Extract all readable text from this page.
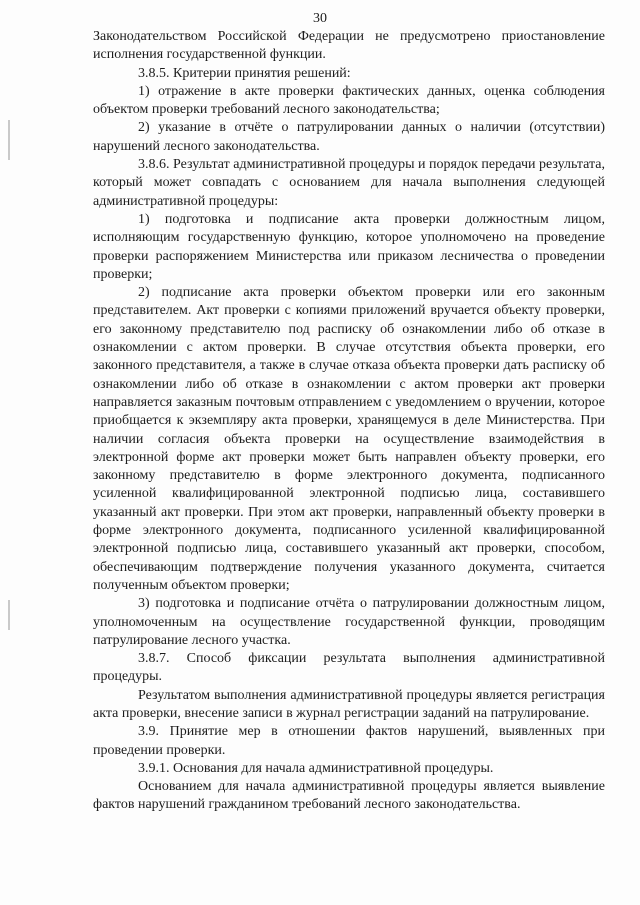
30

Законодательством Российской Федерации не предусмотрено приостановление исполнения государственной функции.

3.8.5. Критерии принятия решений:

1) отражение в акте проверки фактических данных, оценка соблюдения объектом проверки требований лесного законодательства;

2) указание в отчёте о патрулировании данных о наличии (отсутствии) нарушений лесного законодательства.

3.8.6. Результат административной процедуры и порядок передачи результата, который может совпадать с основанием для начала выполнения следующей административной процедуры:

1) подготовка и подписание акта проверки должностным лицом, исполняющим государственную функцию, которое уполномочено на проведение проверки распоряжением Министерства или приказом лесничества о проведении проверки;

2) подписание акта проверки объектом проверки или его законным представителем. Акт проверки с копиями приложений вручается объекту проверки, его законному представителю под расписку об ознакомлении либо об отказе в ознакомлении с актом проверки. В случае отсутствия объекта проверки, его законного представителя, а также в случае отказа объекта проверки дать расписку об ознакомлении либо об отказе в ознакомлении с актом проверки акт проверки направляется заказным почтовым отправлением с уведомлением о вручении, которое приобщается к экземпляру акта проверки, хранящемуся в деле Министерства. При наличии согласия объекта проверки на осуществление взаимодействия в электронной форме акт проверки может быть направлен объекту проверки, его законному представителю в форме электронного документа, подписанного усиленной квалифицированной электронной подписью лица, составившего указанный акт проверки. При этом акт проверки, направленный объекту проверки в форме электронного документа, подписанного усиленной квалифицированной электронной подписью лица, составившего указанный акт проверки, способом, обеспечивающим подтверждение получения указанного документа, считается полученным объектом проверки;

3) подготовка и подписание отчёта о патрулировании должностным лицом, уполномоченным на осуществление государственной функции, проводящим патрулирование лесного участка.

3.8.7. Способ фиксации результата выполнения административной процедуры.

Результатом выполнения административной процедуры является регистрация акта проверки, внесение записи в журнал регистрации заданий на патрулирование.

3.9. Принятие мер в отношении фактов нарушений, выявленных при проведении проверки.

3.9.1. Основания для начала административной процедуры.

Основанием для начала административной процедуры является выявление фактов нарушений гражданином требований лесного законодательства.
